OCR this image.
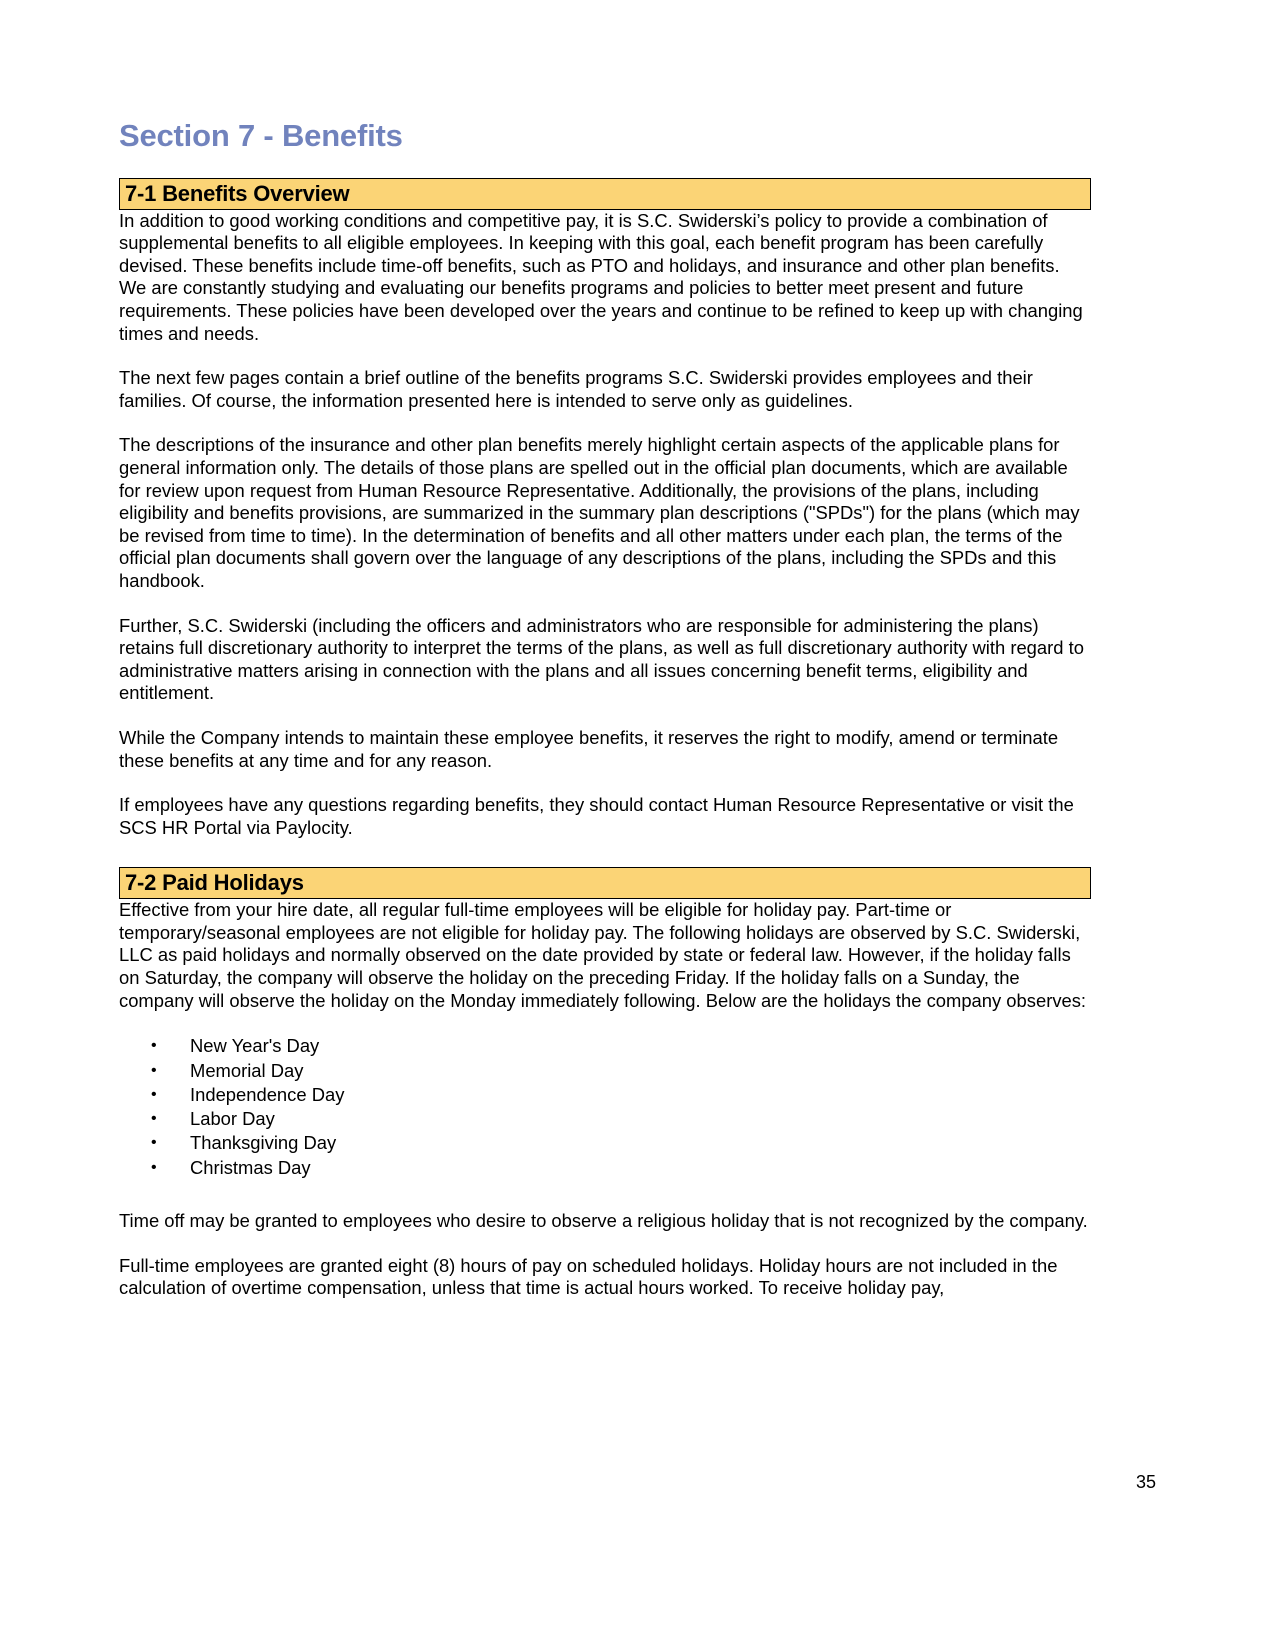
Section 7 - Benefits
7-1 Benefits Overview

In addition to good working conditions and competitive pay, it is S.C. Swiderski’s policy to provide a combination of supplemental benefits to all eligible employees. In keeping with this goal, each benefit program has been carefully devised. These benefits include time-off benefits, such as PTO and holidays, and insurance and other plan benefits. We are constantly studying and evaluating our benefits programs and policies to better meet present and future requirements. These policies have been developed over the years and continue to be refined to keep up with changing times and needs.

The next few pages contain a brief outline of the benefits programs S.C. Swiderski provides employees and their families. Of course, the information presented here is intended to serve only as guidelines.

The descriptions of the insurance and other plan benefits merely highlight certain aspects of the applicable plans for general information only. The details of those plans are spelled out in the official plan documents, which are available for review upon request from Human Resource Representative. Additionally, the provisions of the plans, including eligibility and benefits provisions, are summarized in the summary plan descriptions ("SPDs") for the plans (which may be revised from time to time). In the determination of benefits and all other matters under each plan, the terms of the official plan documents shall govern over the language of any descriptions of the plans, including the SPDs and this handbook.

Further, S.C. Swiderski (including the officers and administrators who are responsible for administering the plans) retains full discretionary authority to interpret the terms of the plans, as well as full discretionary authority with regard to administrative matters arising in connection with the plans and all issues concerning benefit terms, eligibility and entitlement.

While the Company intends to maintain these employee benefits, it reserves the right to modify, amend or terminate these benefits at any time and for any reason.

If employees have any questions regarding benefits, they should contact Human Resource Representative or visit the SCS HR Portal via Paylocity.

7-2 Paid Holidays

Effective from your hire date, all regular full-time employees will be eligible for holiday pay. Part-time or temporary/seasonal employees are not eligible for holiday pay. The following holidays are observed by S.C. Swiderski, LLC as paid holidays and normally observed on the date provided by state or federal law. However, if the holiday falls on Saturday, the company will observe the holiday on the preceding Friday. If the holiday falls on a Sunday, the company will observe the holiday on the Monday immediately following. Below are the holidays the company observes:

• New Year's Day
• Memorial Day
• Independence Day
• Labor Day
• Thanksgiving Day
• Christmas Day

Time off may be granted to employees who desire to observe a religious holiday that is not recognized by the company.

Full-time employees are granted eight (8) hours of pay on scheduled holidays. Holiday hours are not included in the calculation of overtime compensation, unless that time is actual hours worked. To receive holiday pay,

35
